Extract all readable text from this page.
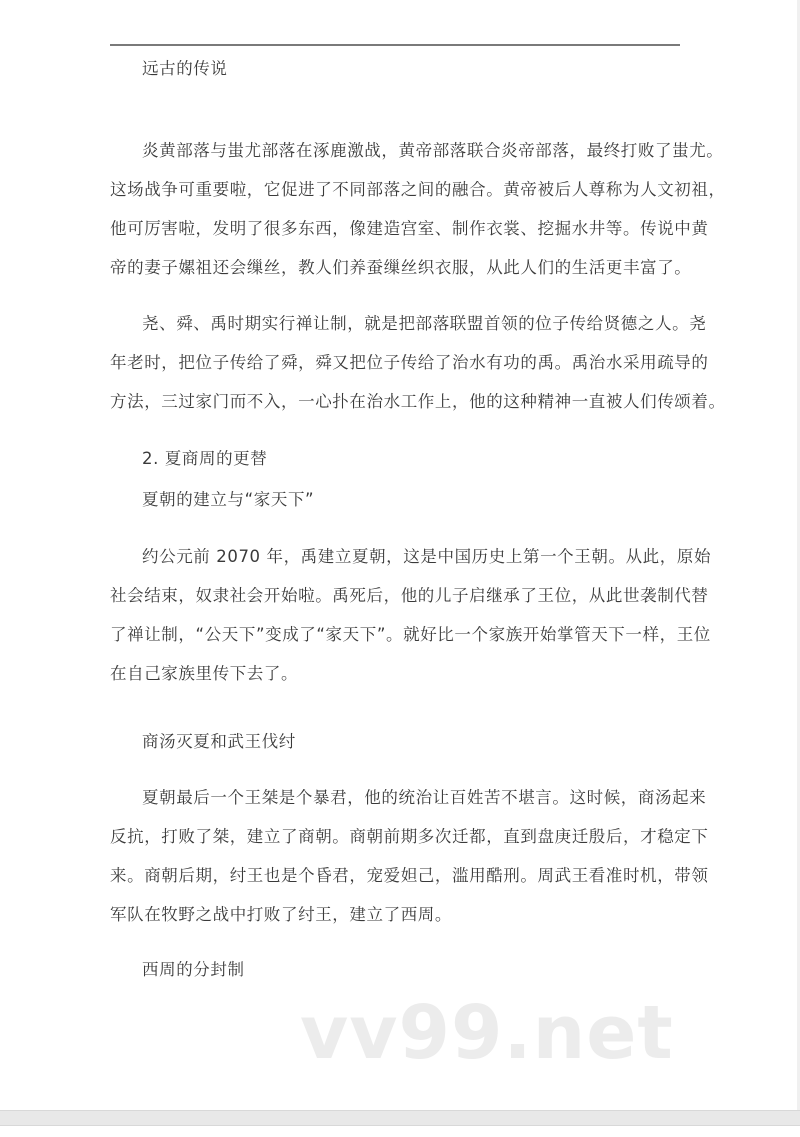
远古的传说
炎黄部落与蚩尤部落在涿鹿激战，黄帝部落联合炎帝部落，最终打败了蚩尤。
这场战争可重要啦，它促进了不同部落之间的融合。黄帝被后人尊称为人文初祖，
他可厉害啦，发明了很多东西，像建造宫室、制作衣裳、挖掘水井等。传说中黄
帝的妻子嫘祖还会缫丝，教人们养蚕缫丝织衣服，从此人们的生活更丰富了。
尧、舜、禹时期实行禅让制，就是把部落联盟首领的位子传给贤德之人。尧
年老时，把位子传给了舜，舜又把位子传给了治水有功的禹。禹治水采用疏导的
方法，三过家门而不入，一心扑在治水工作上，他的这种精神一直被人们传颂着。
2. 夏商周的更替
夏朝的建立与“家天下”
约公元前 2070 年，禹建立夏朝，这是中国历史上第一个王朝。从此，原始
社会结束，奴隶社会开始啦。禹死后，他的儿子启继承了王位，从此世袭制代替
了禅让制，“公天下”变成了“家天下”。就好比一个家族开始掌管天下一样，王位
在自己家族里传下去了。
商汤灭夏和武王伐纣
夏朝最后一个王桀是个暴君，他的统治让百姓苦不堪言。这时候，商汤起来
反抗，打败了桀，建立了商朝。商朝前期多次迁都，直到盘庚迁殷后，才稳定下
来。商朝后期，纣王也是个昏君，宠爱妲己，滥用酷刑。周武王看准时机，带领
军队在牧野之战中打败了纣王，建立了西周。
西周的分封制
vv99.net
